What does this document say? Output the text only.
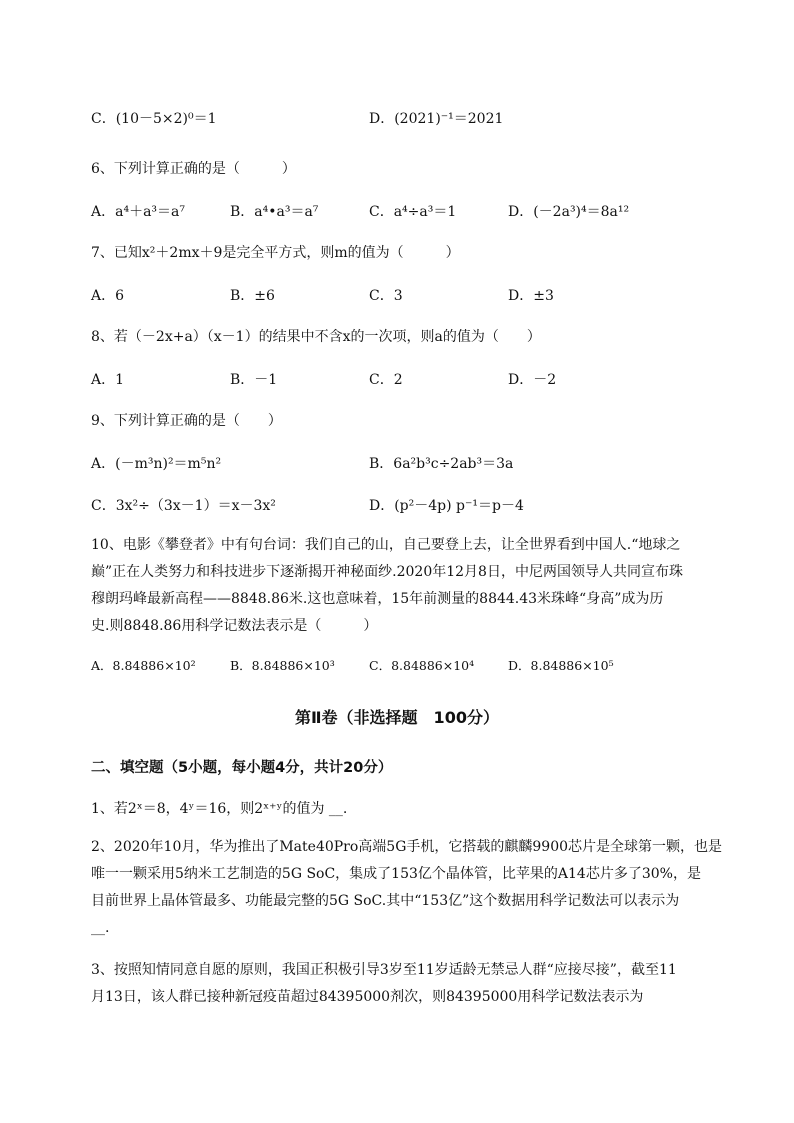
C．(10－5×2)⁰＝1	D．(2021)⁻¹＝2021
6、下列计算正确的是（　　　）
A．a⁴＋a³＝a⁷	B．a⁴•a³＝a⁷	C．a⁴÷a³＝1	D．(－2a³)⁴＝8a¹²
7、已知x²＋2mx＋9是完全平方式，则m的值为（　　　）
A．6	B．±6	C．3	D．±3
8、若（－2x+a）（x－1）的结果中不含x的一次项，则a的值为（　　）
A．1	B．－1	C．2	D．－2
9、下列计算正确的是（　　）
A．(－m³n)²＝m⁵n²	B．6a²b³c÷2ab³＝3a
C．3x²÷（3x－1）＝x－3x²	D．(p²－4p) p⁻¹＝p－4
10、电影《攀登者》中有句台词：我们自己的山，自己要登上去，让全世界看到中国人.“地球之
巅”正在人类努力和科技进步下逐渐揭开神秘面纱.2020年12月8日，中尼两国领导人共同宣布珠
穆朗玛峰最新高程——8848.86米.这也意味着，15年前测量的8844.43米珠峰“身高”成为历
史.则8848.86用科学记数法表示是（　　　）
A．8.84886×10²	B．8.84886×10³	C．8.84886×10⁴	D．8.84886×10⁵
第Ⅱ卷（非选择题　100分）
二、填空题（5小题，每小题4分，共计20分）
1、若2ˣ＝8，4ʸ＝16，则2ˣ⁺ʸ的值为 __.
2、2020年10月，华为推出了Mate40Pro高端5G手机，它搭载的麒麟9900芯片是全球第一颗，也是
唯一一颗采用5纳米工艺制造的5G SoC，集成了153亿个晶体管，比苹果的A14芯片多了30%，是
目前世界上晶体管最多、功能最完整的5G SoC.其中“153亿”这个数据用科学记数法可以表示为
__.
3、按照知情同意自愿的原则，我国正积极引导3岁至11岁适龄无禁忌人群“应接尽接”，截至11
月13日，该人群已接种新冠疫苗超过84395000剂次，则84395000用科学记数法表示为
